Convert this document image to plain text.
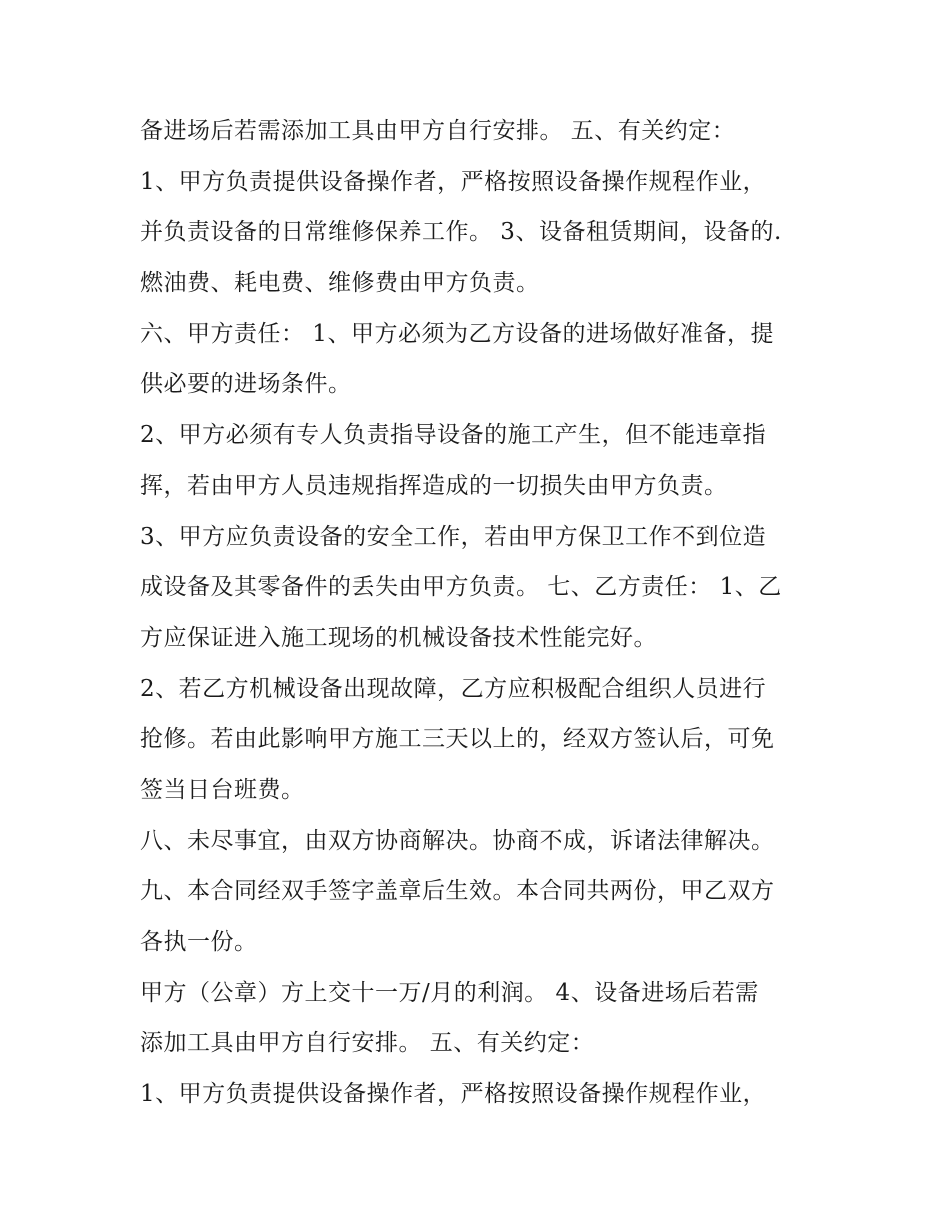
备进场后若需添加工具由甲方自行安排。 五、有关约定：
1、甲方负责提供设备操作者，严格按照设备操作规程作业，
并负责设备的日常维修保养工作。 3、设备租赁期间，设备的.
燃油费、耗电费、维修费由甲方负责。
六、甲方责任： 1、甲方必须为乙方设备的进场做好准备，提
供必要的进场条件。
2、甲方必须有专人负责指导设备的施工产生，但不能违章指
挥，若由甲方人员违规指挥造成的一切损失由甲方负责。
3、甲方应负责设备的安全工作，若由甲方保卫工作不到位造
成设备及其零备件的丢失由甲方负责。 七、乙方责任： 1、乙
方应保证进入施工现场的机械设备技术性能完好。
2、若乙方机械设备出现故障，乙方应积极配合组织人员进行
抢修。若由此影响甲方施工三天以上的，经双方签认后，可免
签当日台班费。
八、未尽事宜，由双方协商解决。协商不成，诉诸法律解决。
九、本合同经双手签字盖章后生效。本合同共两份，甲乙双方
各执一份。
甲方（公章）方上交十一万/月的利润。 4、设备进场后若需
添加工具由甲方自行安排。 五、有关约定：
1、甲方负责提供设备操作者，严格按照设备操作规程作业，
